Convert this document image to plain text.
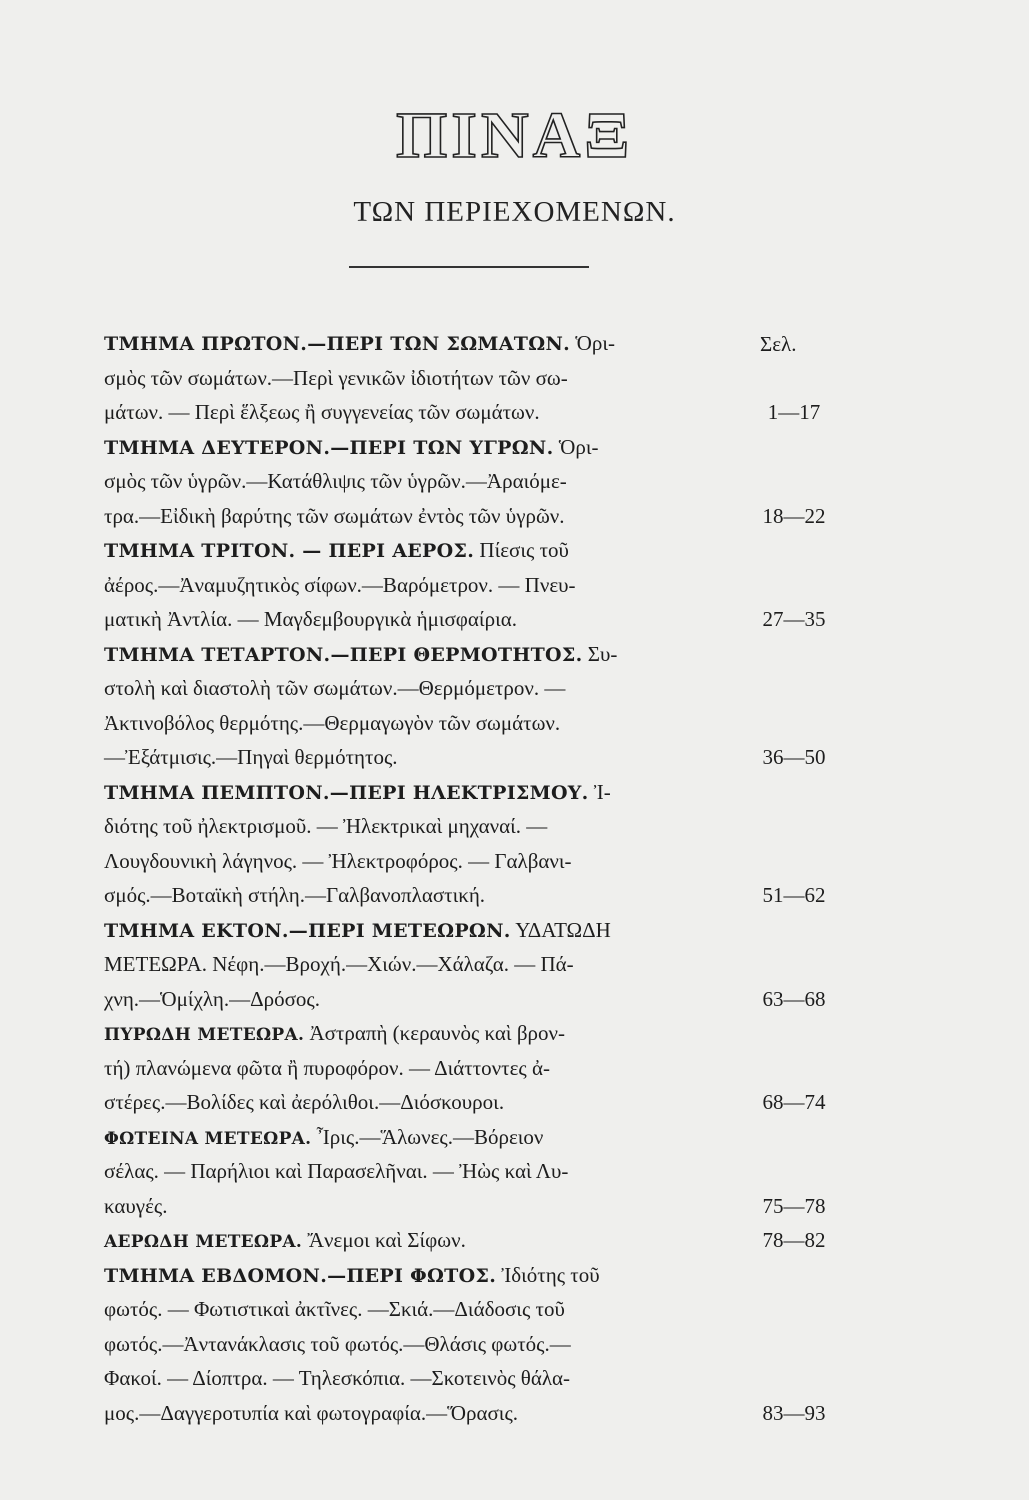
ΠΙΝΑΞ
ΤΩΝ ΠΕΡΙΕΧΟΜΕΝΩΝ.
Σελ.
ΤΜΗΜΑ ΠΡΩΤΟΝ.—ΠΕΡΙ ΤΩΝ ΣΩΜΑΤΩΝ. Ὁρι-
σμὸς τῶν σωμάτων.—Περὶ γενικῶν ἰδιοτήτων τῶν σω-
μάτων. — Περὶ ἕλξεως ἢ συγγενείας τῶν σωμάτων.
ΤΜΗΜΑ ΔΕΥΤΕΡΟΝ.—ΠΕΡΙ ΤΩΝ ΥΓΡΩΝ. Ὁρι-
σμὸς τῶν ὑγρῶν.—Κατάθλιψις τῶν ὑγρῶν.—Ἀραιόμε-
τρα.—Εἰδικὴ βαρύτης τῶν σωμάτων ἐντὸς τῶν ὑγρῶν.
ΤΜΗΜΑ ΤΡΙΤΟΝ. — ΠΕΡΙ ΑΕΡΟΣ. Πίεσις τοῦ
ἀέρος.—Ἀναμυζητικὸς σίφων.—Βαρόμετρον. — Πνευ-
ματικὴ Ἀντλία. — Μαγδεμβουργικὰ ἡμισφαίρια.
ΤΜΗΜΑ ΤΕΤΑΡΤΟΝ.—ΠΕΡΙ ΘΕΡΜΟΤΗΤΟΣ. Συ-
στολὴ καὶ διαστολὴ τῶν σωμάτων.—Θερμόμετρον. —
Ἀκτινοβόλος θερμότης.—Θερμαγωγὸν τῶν σωμάτων.
—Ἐξάτμισις.—Πηγαὶ θερμότητος.
ΤΜΗΜΑ ΠΕΜΠΤΟΝ.—ΠΕΡΙ ΗΛΕΚΤΡΙΣΜΟΥ. Ἰ-
διότης τοῦ ἠλεκτρισμοῦ. — Ἠλεκτρικαὶ μηχαναί. —
Λουγδουνικὴ λάγηνος. — Ἠλεκτροφόρος. — Γαλβανι-
σμός.—Βοταϊκὴ στήλη.—Γαλβανοπλαστική.
ΤΜΗΜΑ ΕΚΤΟΝ.—ΠΕΡΙ ΜΕΤΕΩΡΩΝ. ΥΔΑΤΩΔΗ
ΜΕΤΕΩΡΑ. Νέφη.—Βροχή.—Χιών.—Χάλαζα. — Πά-
χνη.—Ὁμίχλη.—Δρόσος.
ΠΥΡΩΔΗ ΜΕΤΕΩΡΑ. Ἀστραπὴ (κεραυνὸς καὶ βρον-
τή) πλανώμενα φῶτα ἢ πυροφόρον. — Διάττοντες ἀ-
στέρες.—Βολίδες καὶ ἀερόλιθοι.—Διόσκουροι.
ΦΩΤΕΙΝΑ ΜΕΤΕΩΡΑ. Ἶρις.—Ἅλωνες.—Βόρειον
σέλας. — Παρήλιοι καὶ Παρασελῆναι. — Ἠὼς καὶ Λυ-
καυγές.
ΑΕΡΩΔΗ ΜΕΤΕΩΡΑ. Ἄνεμοι καὶ Σίφων.
ΤΜΗΜΑ ΕΒΔΟΜΟΝ.—ΠΕΡΙ ΦΩΤΟΣ. Ἰδιότης τοῦ
φωτός. — Φωτιστικαὶ ἀκτῖνες. —Σκιά.—Διάδοσις τοῦ
φωτός.—Ἀντανάκλασις τοῦ φωτός.—Θλάσις φωτός.—
Φακοί. — Δίοπτρα. — Τηλεσκόπια. —Σκοτεινὸς θάλα-
μος.—Δαγγεροτυπία καὶ φωτογραφία.—Ὅρασις.
1—17
18—22
27—35
36—50
51—62
63—68
68—74
75—78
78—82
83—93
